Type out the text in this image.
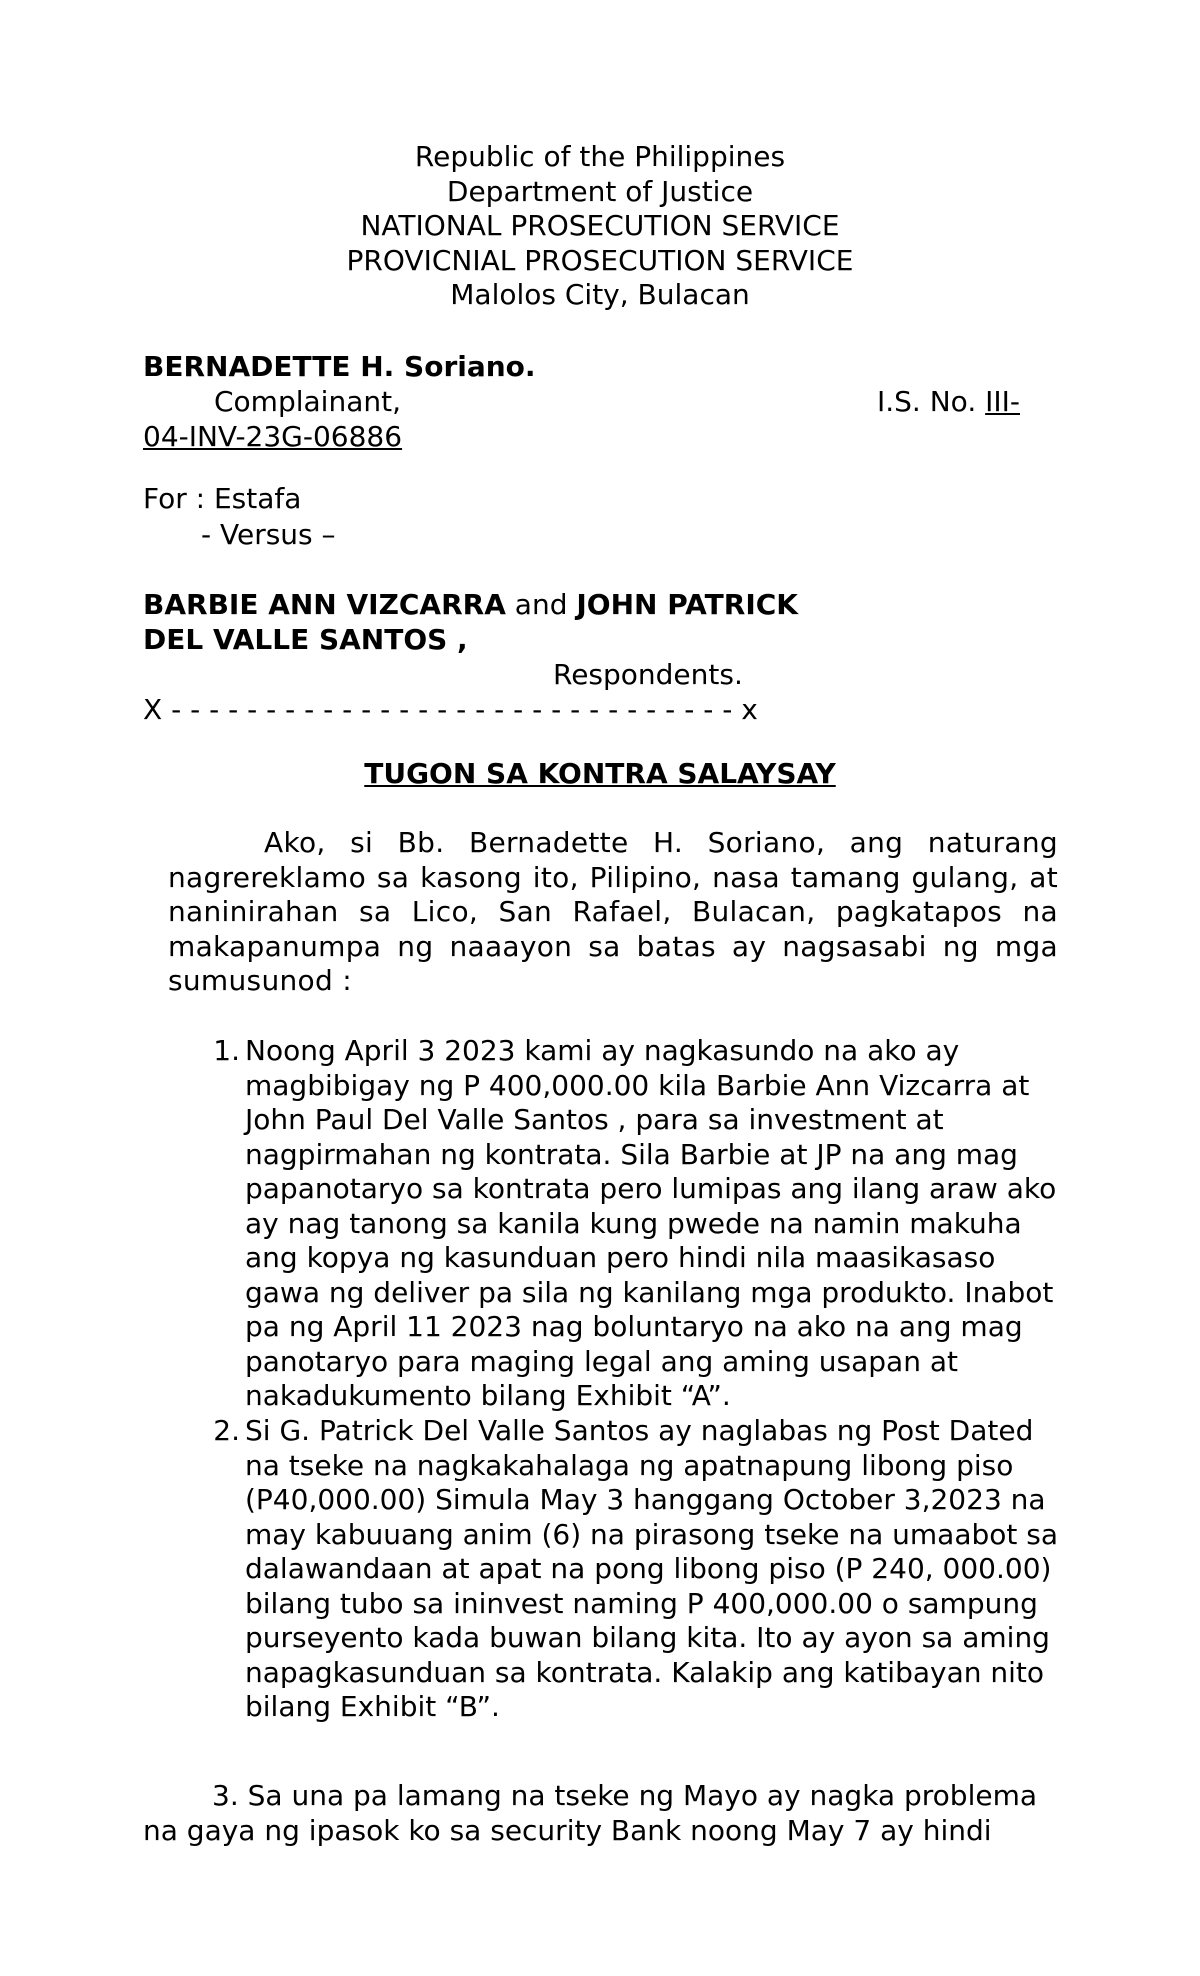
Republic of the Philippines
Department of Justice
NATIONAL PROSECUTION SERVICE
PROVICNIAL PROSECUTION SERVICE
Malolos City, Bulacan
BERNADETTE H. Soriano.
Complainant,	I.S. No. III-
04-INV-23G-06886
For : Estafa
- Versus –
BARBIE ANN VIZCARRA and JOHN PATRICK
DEL VALLE SANTOS ,
Respondents.
X - - - - - - - - - - - - - - - - - - - - - - - - - - - - - - x
TUGON SA KONTRA SALAYSAY
Ako, si Bb. Bernadette H. Soriano, ang naturang nagrereklamo sa kasong ito, Pilipino, nasa tamang gulang, at naninirahan sa Lico, San Rafael, Bulacan, pagkatapos na makapanumpa ng naaayon sa batas ay nagsasabi ng mga sumusunod :
1. Noong April 3 2023 kami ay nagkasundo na ako ay
magbibigay ng P 400,000.00 kila Barbie Ann Vizcarra at
John Paul Del Valle Santos , para sa investment at
nagpirmahan ng kontrata. Sila Barbie at JP na ang mag
papanotaryo sa kontrata pero lumipas ang ilang araw ako
ay nag tanong sa kanila kung pwede na namin makuha
ang kopya ng kasunduan pero hindi nila maasikasaso
gawa ng deliver pa sila ng kanilang mga produkto. Inabot
pa ng April 11 2023 nag boluntaryo na ako na ang mag
panotaryo para maging legal ang aming usapan at
nakadukumento bilang Exhibit “A”.
2. Si G. Patrick Del Valle Santos ay naglabas ng Post Dated
na tseke na nagkakahalaga ng apatnapung libong piso
(P40,000.00) Simula May 3 hanggang October 3,2023 na
may kabuuang anim (6) na pirasong tseke na umaabot sa
dalawandaan at apat na pong libong piso (P 240, 000.00)
bilang tubo sa ininvest naming P 400,000.00 o sampung
purseyento kada buwan bilang kita. Ito ay ayon sa aming
napagkasunduan sa kontrata. Kalakip ang katibayan nito
bilang Exhibit “B”.
3. Sa una pa lamang na tseke ng Mayo ay nagka problema
na gaya ng ipasok ko sa security Bank noong May 7 ay hindi
